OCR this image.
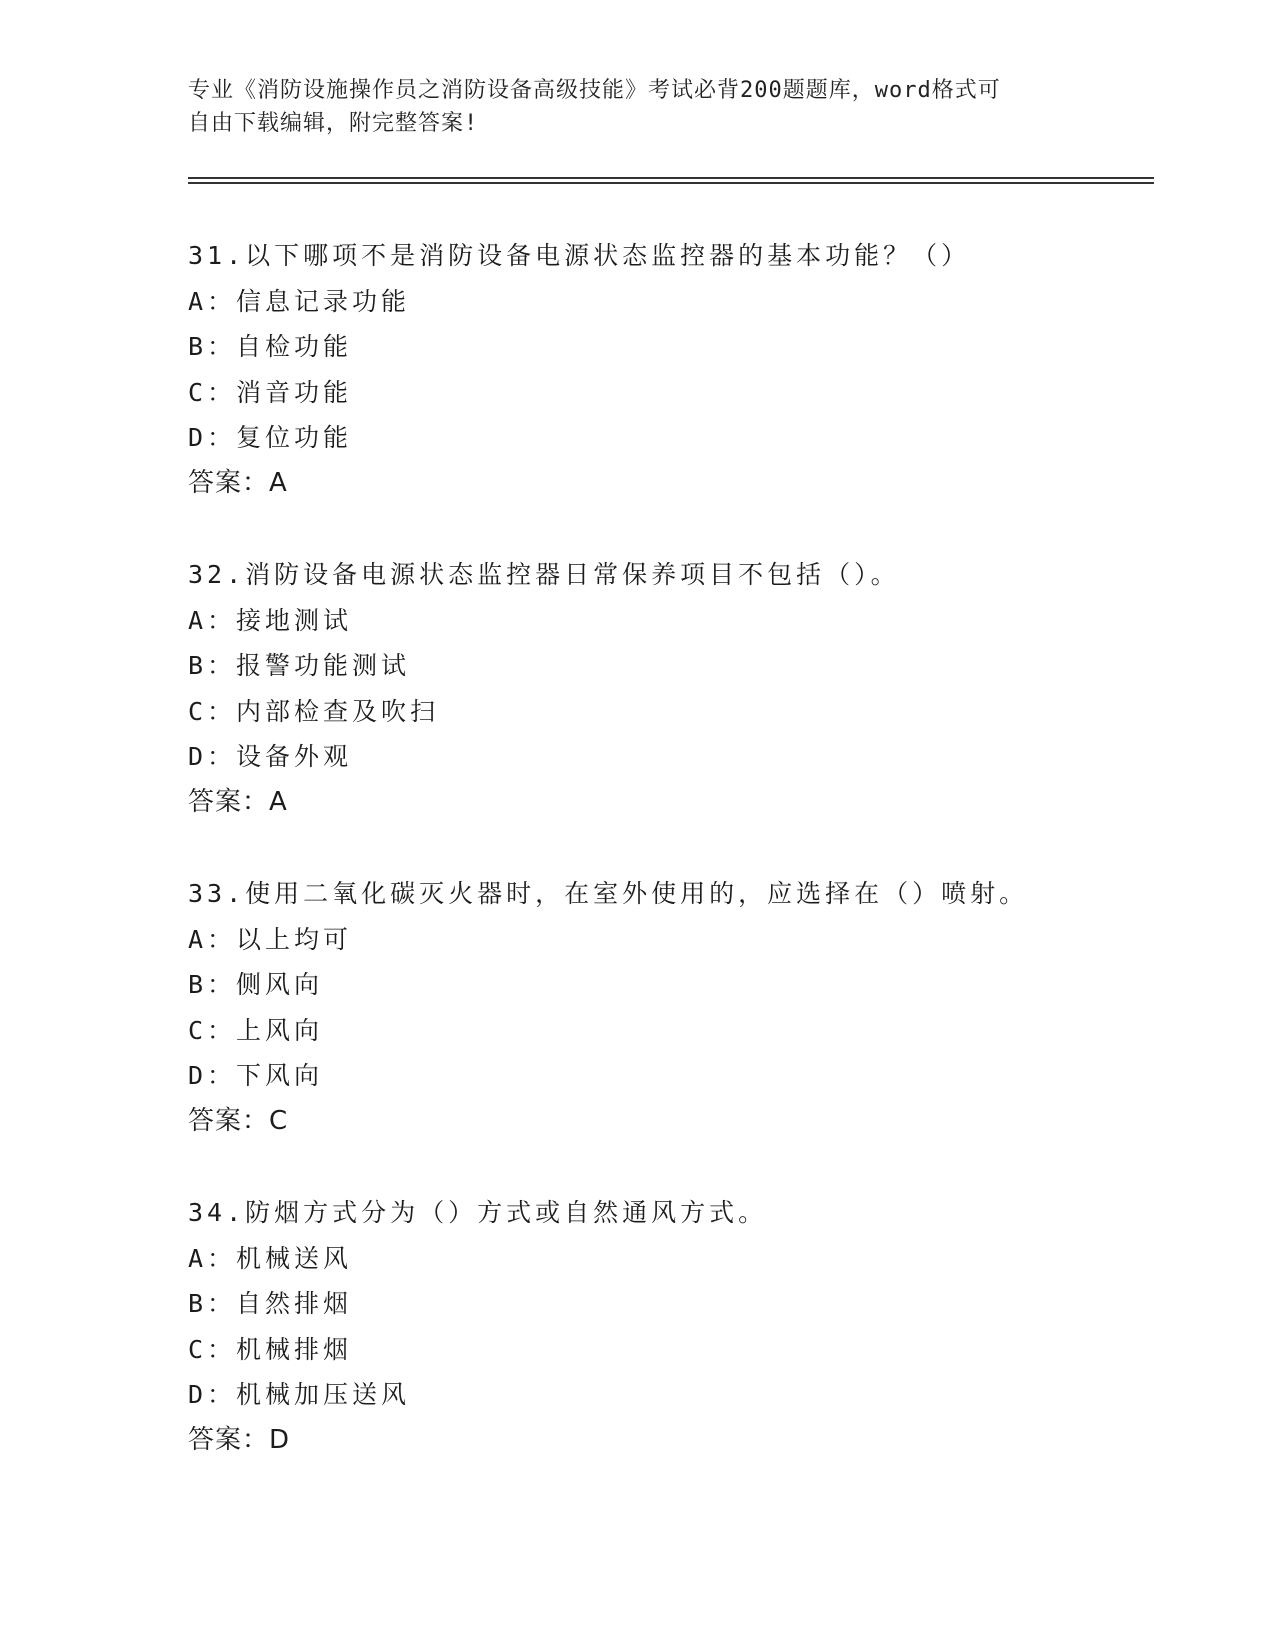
专业《消防设施操作员之消防设备高级技能》考试必背200题题库，word格式可
自由下载编辑，附完整答案!
31.以下哪项不是消防设备电源状态监控器的基本功能？（）
A：信息记录功能
B：自检功能
C：消音功能
D：复位功能
答案：A
32.消防设备电源状态监控器日常保养项目不包括（）。
A：接地测试
B：报警功能测试
C：内部检查及吹扫
D：设备外观
答案：A
33.使用二氧化碳灭火器时，在室外使用的，应选择在（）喷射。
A：以上均可
B：侧风向
C：上风向
D：下风向
答案：C
34.防烟方式分为（）方式或自然通风方式。
A：机械送风
B：自然排烟
C：机械排烟
D：机械加压送风
答案：D
